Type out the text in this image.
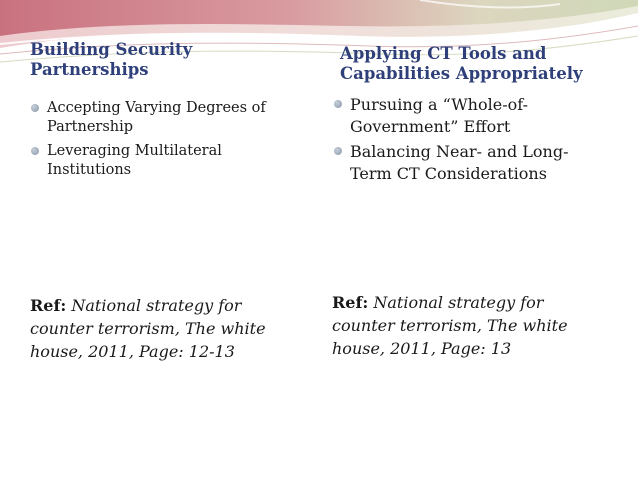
Building Security
Partnerships
Accepting Varying Degrees of
Partnership
Leveraging Multilateral
Institutions
Ref: National strategy for
counter terrorism, The white
house, 2011, Page: 12-13
Applying CT Tools and
Capabilities Appropriately
Pursuing a “Whole-of-
Government” Effort
Balancing Near- and Long-
Term CT Considerations
Ref: National strategy for
counter terrorism, The white
house, 2011, Page: 13
